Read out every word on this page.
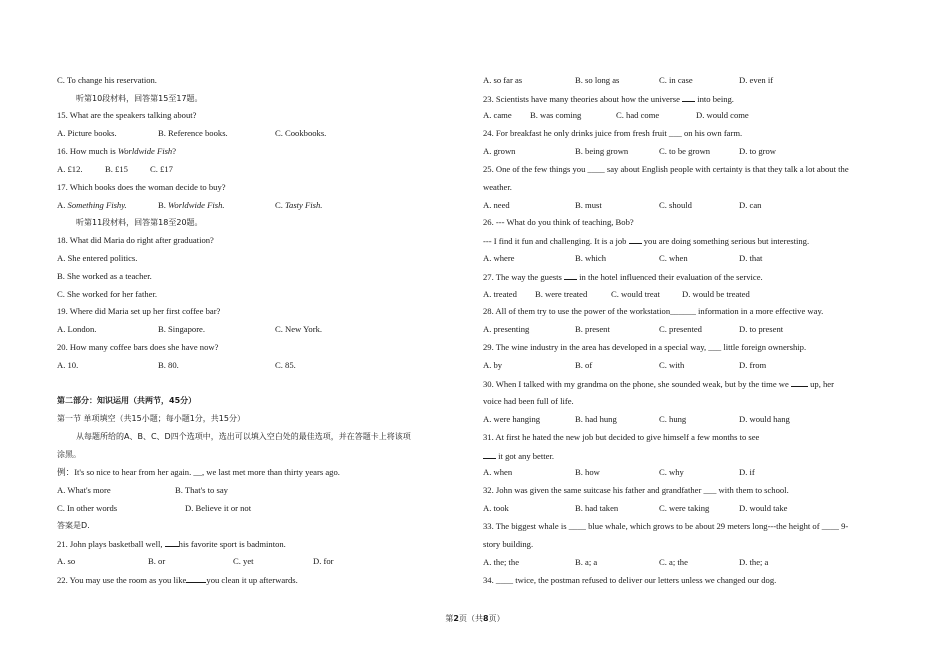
C. To change his reservation.
听第10段材料，回答第15至17题。
15. What are the speakers talking about?
A. Picture books.	B. Reference books.	C. Cookbooks.
16. How much is Worldwide Fish?
A. £12.	B. £15	C. £17
17. Which books does the woman decide to buy?
A. Something Fishy.	B. Worldwide Fish.	C. Tasty Fish.
听第11段材料，回答第18至20题。
18. What did Maria do right after graduation?
A. She entered politics.
B. She worked as a teacher.
C. She worked for her father.
19. Where did Maria set up her first coffee bar?
A. London.	B. Singapore.	C. New York.
20. How many coffee bars does she have now?
A. 10.	B. 80.	C. 85.
第二部分：知识运用（共两节，45分）
第一节 单项填空（共15小题；每小题1分，共15分）
从每题所给的A、B、C、D四个选项中，选出可以填入空白处的最佳选项，并在答题卡上将该项
涂黑。
例：It's so nice to hear from her again. __, we last met more than thirty years ago.
A. What's more	B. That's to say
C. In other words	D. Believe it or not
答案是D.
21. John plays basketball well, his favorite sport is badminton.
A. so	B. or	C. yet	D. for
22. You may use the room as you like you clean it up afterwards.
A. so far as	B. so long as	C. in case	D. even if
23. Scientists have many theories about how the universe  into being.
A. came B. was coming	C. had come	D. would come
24. For breakfast he only drinks juice from fresh fruit ___ on his own farm.
A. grown	B. being grown	C. to be grown	D. to grow
25. One of the few things you ____ say about English people with certainty is that they talk a lot about the
weather.
A. need	B. must	C. should	D. can
26. --- What do you think of teaching, Bob?
--- I find it fun and challenging. It is a job  you are doing something serious but interesting.
A. where	B. which	C. when	D. that
27. The way the guests  in the hotel influenced their evaluation of the service.
A. treated B. were treated	C. would treat	D. would be treated
28. All of them try to use the power of the workstation______ information in a more effective way.
A. presenting	B. present	C. presented	D. to present
29. The wine industry in the area has developed in a special way, ___ little foreign ownership.
A. by	B. of	C. with	D. from
30. When I talked with my grandma on the phone, she sounded weak, but by the time we  up, her
voice had been full of life.
A. were hanging	B. had hung	C. hung	D. would hang
31. At first he hated the new job but decided to give himself a few months to see
it got any better.
A. when	B. how	C. why	D. if
32. John was given the same suitcase his father and grandfather ___ with them to school.
A. took	B. had taken	C. were taking	D. would take
33. The biggest whale is ____ blue whale, which grows to be about 29 meters long---the height of ____ 9-
story building.
A. the; the	B. a; a	C. a; the	D. the; a
34. ____ twice, the postman refused to deliver our letters unless we changed our dog.
第2页（共8页）
